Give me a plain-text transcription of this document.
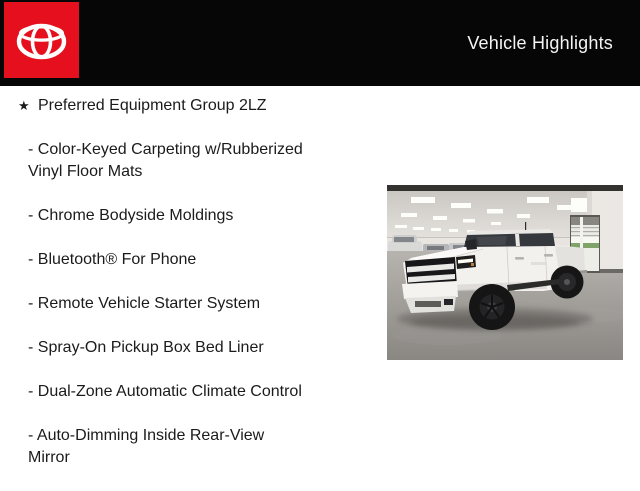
Vehicle Highlights
★ Preferred Equipment Group 2LZ
- Color-Keyed Carpeting w/Rubberized
Vinyl Floor Mats
- Chrome Bodyside Moldings
- Bluetooth® For Phone
- Remote Vehicle Starter System
- Spray-On Pickup Box Bed Liner
- Dual-Zone Automatic Climate Control
- Auto-Dimming Inside Rear-View
Mirror
